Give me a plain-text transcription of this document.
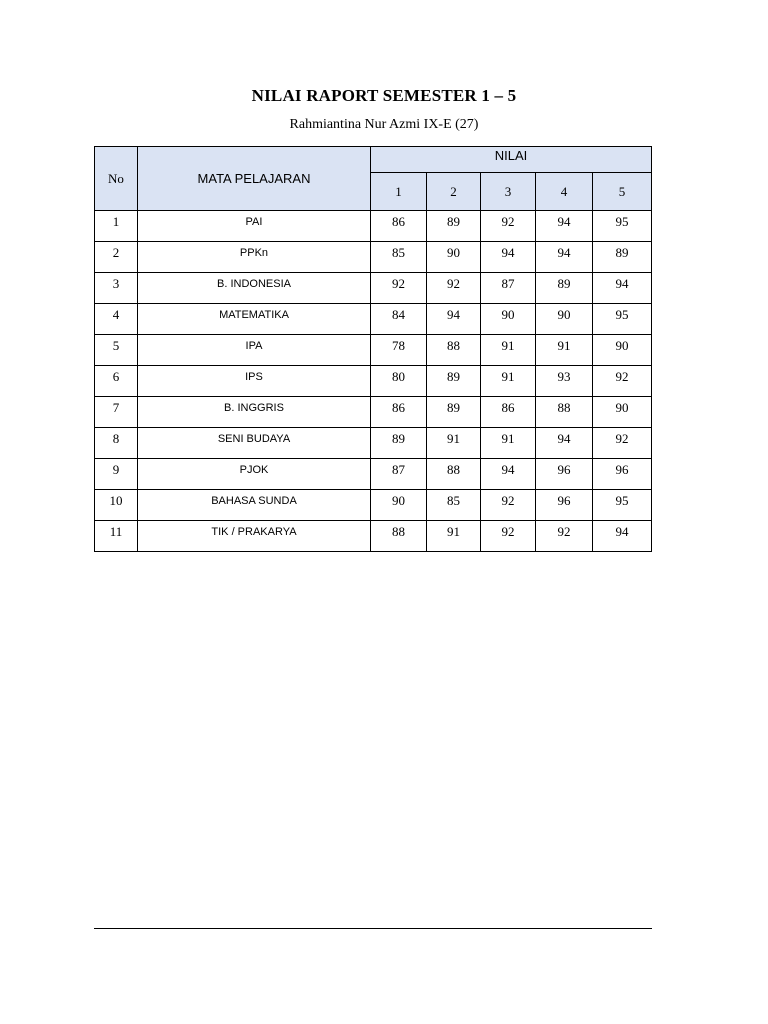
NILAI RAPORT SEMESTER 1 – 5
Rahmiantina Nur Azmi IX-E (27)
No	MATA PELAJARAN	NILAI				
		1	2	3	4	5
1	PAI	86	89	92	94	95
2	PPKn	85	90	94	94	89
3	B. INDONESIA	92	92	87	89	94
4	MATEMATIKA	84	94	90	90	95
5	IPA	78	88	91	91	90
6	IPS	80	89	91	93	92
7	B. INGGRIS	86	89	86	88	90
8	SENI BUDAYA	89	91	91	94	92
9	PJOK	87	88	94	96	96
10	BAHASA SUNDA	90	85	92	96	95
11	TIK / PRAKARYA	88	91	92	92	94
